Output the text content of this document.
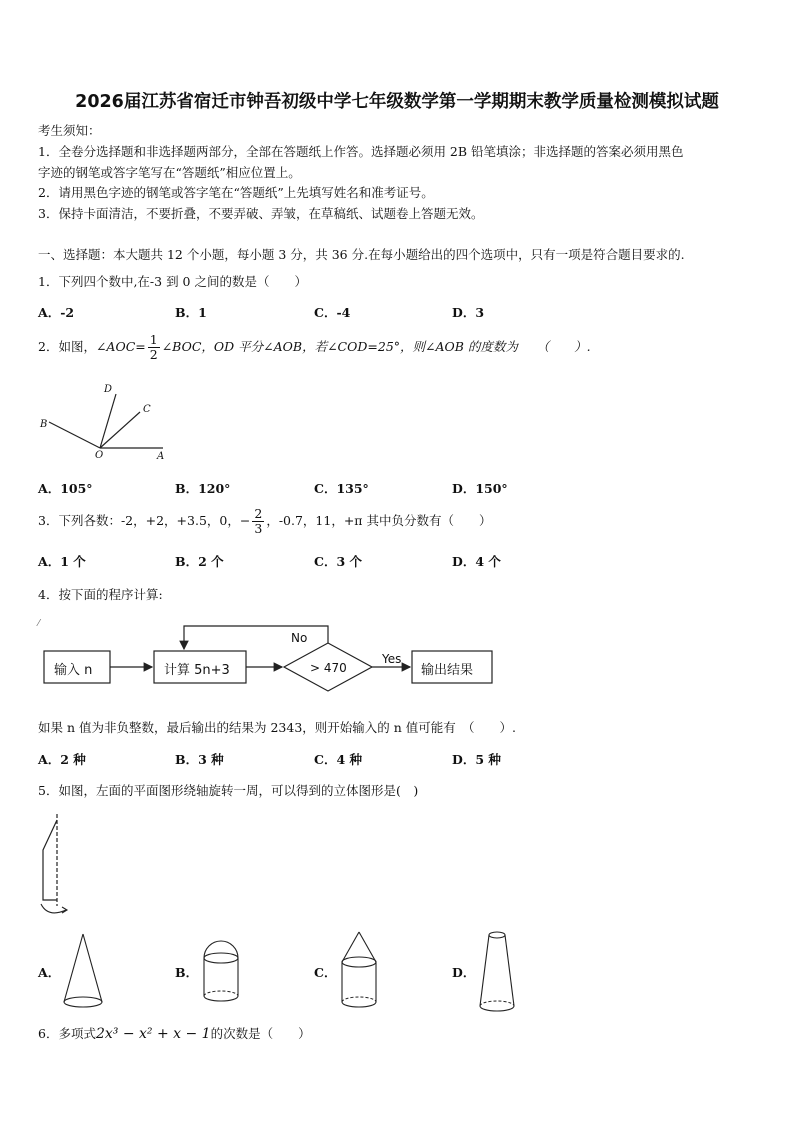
2026届江苏省宿迁市钟吾初级中学七年级数学第一学期期末教学质量检测模拟试题
考生须知：
1．全卷分选择题和非选择题两部分，全部在答题纸上作答。选择题必须用 2B 铅笔填涂；非选择题的答案必须用黑色
字迹的钢笔或答字笔写在“答题纸”相应位置上。
2．请用黑色字迹的钢笔或答字笔在“答题纸”上先填写姓名和准考证号。
3．保持卡面清洁，不要折叠，不要弄破、弄皱，在草稿纸、试题卷上答题无效。
一、选择题：本大题共 12 个小题，每小题 3 分，共 36 分.在每小题给出的四个选项中，只有一项是符合题目要求的.
1．下列四个数中,在-3 到 0 之间的数是（　　）
A．-2	B．1	C．-4	D．3
2．如图，∠AOC= $\frac{1}{2}$ ∠BOC，OD 平分∠AOB，若∠COD=25°，则∠AOB 的度数为　　（　　）.
B
D
C
O	A
A．105°	B．120°	C．135°	D．150°
3．下列各数：-2，+2，+3.5，0，− $\frac{2}{3}$ ，-0.7，11，+π 其中负分数有（　　）
A．1 个	B．2 个	C．3 个	D．4 个
4．按下面的程序计算:
⁄
输入 n	计算 5n+3	> 470	输出结果
No
Yes
如果 n 值为非负整数，最后输出的结果为 2343，则开始输入的 n 值可能有　（　　）.
A．2 种	B．3 种	C．4 种	D．5 种
5．如图，左面的平面图形绕轴旋转一周，可以得到的立体图形是(　)
A．	B．	C．	D．
6．多项式2x³ − x² + x − 1的次数是（　　）
